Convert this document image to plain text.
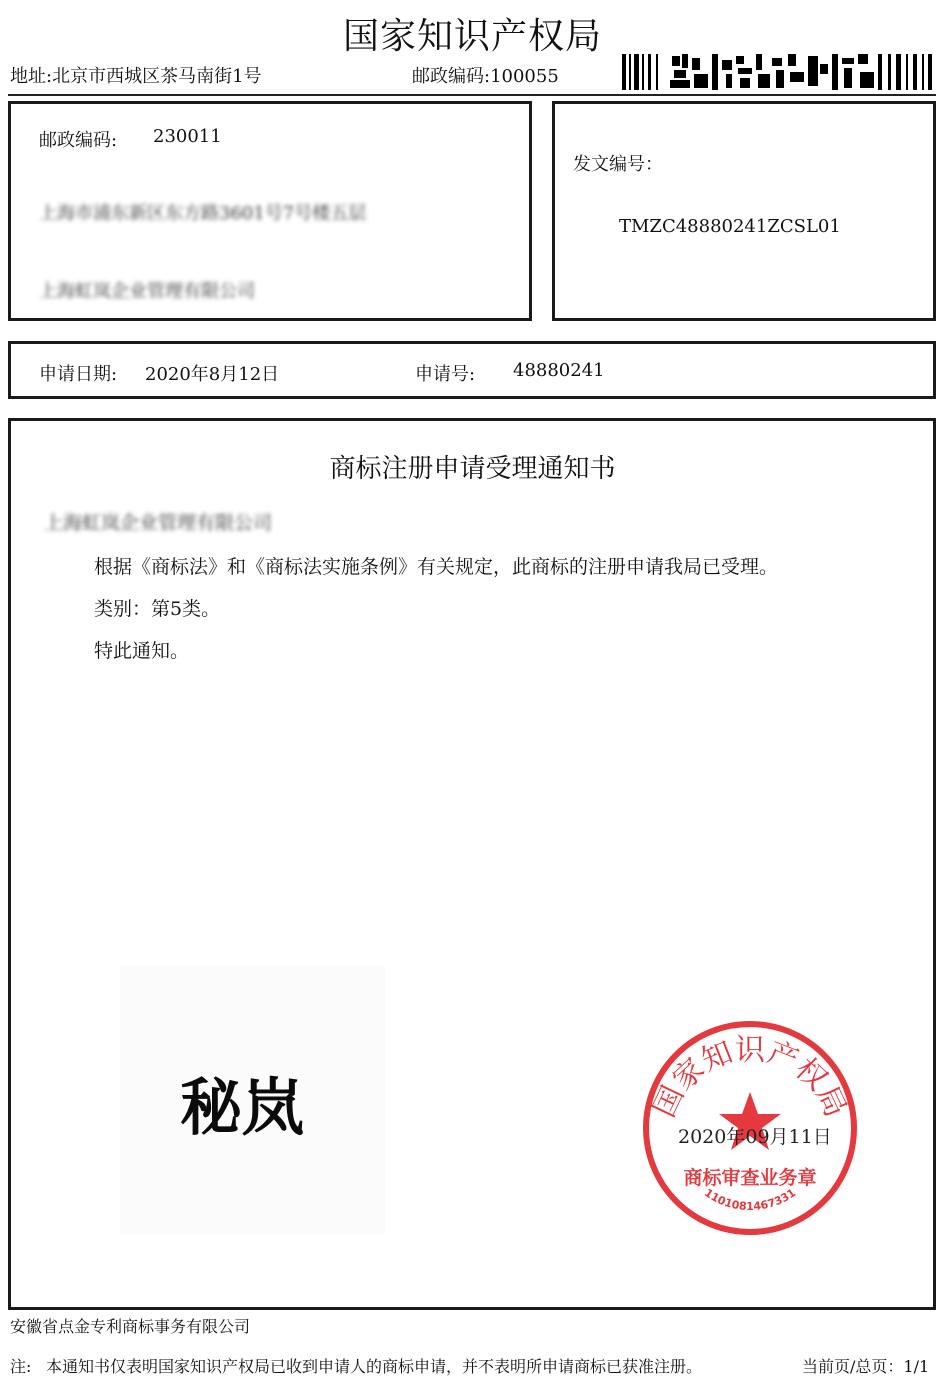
国家知识产权局
地址:北京市西城区茶马南街1号	邮政编码:100055
邮政编码: 230011
上海市浦东新区东方路3601号7号楼五层
上海虹岚企业管理有限公司
发文编号：
TMZC48880241ZCSL01
申请日期: 2020年8月12日	申请号: 48880241
商标注册申请受理通知书
上海虹岚企业管理有限公司
根据《商标法》和《商标法实施条例》有关规定，此商标的注册申请我局已受理。
类别：第5类。
特此通知。
秘岚	国家知识产权局
商标审查业务章
1101081467331
2020年09月11日
安徽省点金专利商标事务有限公司
注: 本通知书仅表明国家知识产权局已收到申请人的商标申请，并不表明所申请商标已获准注册。	当前页/总页：1/1
